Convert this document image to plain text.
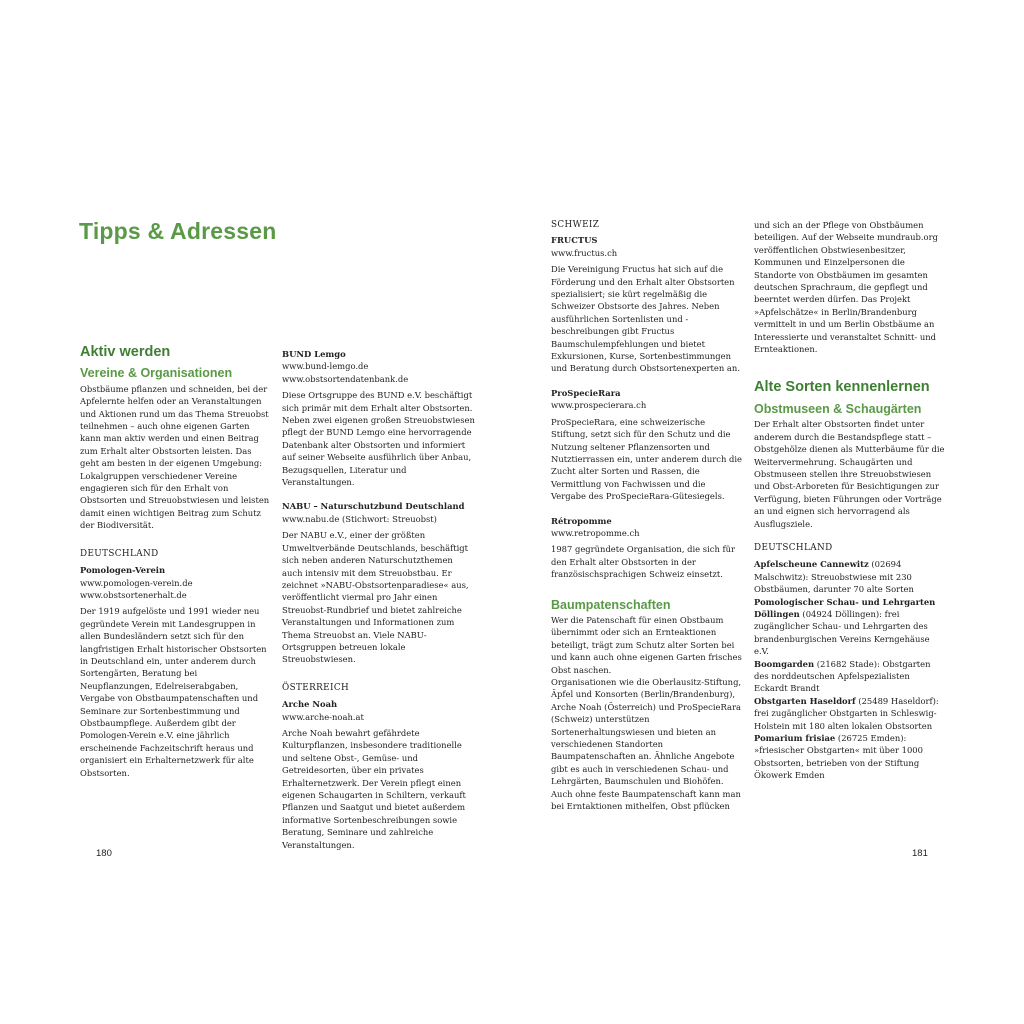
Tipps & Adressen
Aktiv werden
Vereine & Organisationen

Obstbäume pflanzen und schneiden, bei der Apfelernte helfen oder an Veranstaltungen und Aktionen rund um das Thema Streuobst teilnehmen – auch ohne eigenen Garten kann man aktiv werden und einen Beitrag zum Erhalt alter Obstsorten leisten. Das geht am besten in der eigenen Umgebung: Lokalgruppen verschiedener Vereine engagieren sich für den Erhalt von Obstsorten und Streuobstwiesen und leisten damit einen wichtigen Beitrag zum Schutz der Biodiversität.

DEUTSCHLAND
Pomologen-Verein
www.pomologen-verein.de
www.obstsortenerhalt.de

Der 1919 aufgelöste und 1991 wieder neu gegründete Verein mit Landesgruppen in allen Bundesländern setzt sich für den langfristigen Erhalt historischer Obstsorten in Deutschland ein, unter anderem durch Sortengärten, Beratung bei Neupflanzungen, Edelreiserabgaben, Vergabe von Obstbaumpatenschaften und Seminare zur Sortenbestimmung und Obstbaumpflege. Außerdem gibt der Pomologen-Verein e.V. eine jährlich erscheinende Fachzeitschrift heraus und organisiert ein Erhalternetzwerk für alte Obstsorten.

BUND Lemgo
www.bund-lemgo.de
www.obstsortendatenbank.de

Diese Ortsgruppe des BUND e.V. beschäftigt sich primär mit dem Erhalt alter Obstsorten. Neben zwei eigenen großen Streuobstwiesen pflegt der BUND Lemgo eine hervorragende Datenbank alter Obstsorten und informiert auf seiner Webseite ausführlich über Anbau, Bezugsquellen, Literatur und Veranstaltungen.

NABU – Naturschutzbund Deutschland
www.nabu.de (Stichwort: Streuobst)

Der NABU e.V., einer der größten Umweltverbände Deutschlands, beschäftigt sich neben anderen Naturschutzthemen auch intensiv mit dem Streuobstbau. Er zeichnet »NABU-Obstsortenparadiese« aus, veröffentlicht viermal pro Jahr einen Streuobst-Rundbrief und bietet zahlreiche Veranstaltungen und Informationen zum Thema Streuobst an. Viele NABU-Ortsgruppen betreuen lokale Streuobstwiesen.

ÖSTERREICH
Arche Noah
www.arche-noah.at

Arche Noah bewahrt gefährdete Kulturpflanzen, insbesondere traditionelle und seltene Obst-, Gemüse- und Getreidesorten, über ein privates Erhalternetzwerk. Der Verein pflegt einen eigenen Schaugarten in Schiltern, verkauft Pflanzen und Saatgut und bietet außerdem informative Sortenbeschreibungen sowie Beratung, Seminare und zahlreiche Veranstaltungen.

180
SCHWEIZ
FRUCTUS
www.fructus.ch

Die Vereinigung Fructus hat sich auf die Förderung und den Erhalt alter Obstsorten spezialisiert; sie kürt regelmäßig die Schweizer Obstsorte des Jahres. Neben ausführlichen Sortenlisten und -beschreibungen gibt Fructus Baumschulempfehlungen und bietet Exkursionen, Kurse, Sortenbestimmungen und Beratung durch Obstsortenexperten an.

ProSpecieRara
www.prospecierara.ch

ProSpecieRara, eine schweizerische Stiftung, setzt sich für den Schutz und die Nutzung seltener Pflanzensorten und Nutztierrassen ein, unter anderem durch die Zucht alter Sorten und Rassen, die Vermittlung von Fachwissen und die Vergabe des ProSpecieRara-Gütesiegels.

Rétropomme
www.retropomme.ch

1987 gegründete Organisation, die sich für den Erhalt alter Obstsorten in der französischsprachigen Schweiz einsetzt.

Baumpatenschaften

Wer die Patenschaft für einen Obstbaum übernimmt oder sich an Ernteaktionen beteiligt, trägt zum Schutz alter Sorten bei und kann auch ohne eigenen Garten frisches Obst naschen.

Organisationen wie die Oberlausitz-Stiftung, Äpfel und Konsorten (Berlin/Brandenburg), Arche Noah (Österreich) und ProSpecieRara (Schweiz) unterstützen Sortenerhaltungswiesen und bieten an verschiedenen Standorten Baumpatenschaften an. Ähnliche Angebote gibt es auch in verschiedenen Schau- und Lehrgärten, Baumschulen und Biohöfen. Auch ohne feste Baumpatenschaft kann man bei Erntaktionen mithelfen, Obst pflücken

und sich an der Pflege von Obstbäumen beteiligen. Auf der Webseite mundraub.org veröffentlichen Obstwiesenbesitzer, Kommunen und Einzelpersonen die Standorte von Obstbäumen im gesamten deutschen Sprachraum, die gepflegt und beerntet werden dürfen. Das Projekt »Apfelschätze« in Berlin/Brandenburg vermittelt in und um Berlin Obstbäume an Interessierte und veranstaltet Schnitt- und Ernteaktionen.

Alte Sorten kennenlernen
Obstmuseen & Schaugärten

Der Erhalt alter Obstsorten findet unter anderem durch die Bestandspflege statt – Obstgehölze dienen als Mutterbäume für die Weitervermehrung. Schaugärten und Obstmuseen stellen ihre Streuobstwiesen und Obst-Arboreten für Besichtigungen zur Verfügung, bieten Führungen oder Vorträge an und eignen sich hervorragend als Ausflugsziele.

DEUTSCHLAND

Apfelscheune Cannewitz (02694 Malschwitz): Streuobstwiese mit 230 Obstbäumen, darunter 70 alte Sorten

Pomologischer Schau- und Lehrgarten Döllingen (04924 Döllingen): frei zugänglicher Schau- und Lehrgarten des brandenburgischen Vereins Kerngehäuse e.V.

Boomgarden (21682 Stade): Obstgarten des norddeutschen Apfelspezialisten Eckardt Brandt

Obstgarten Haseldorf (25489 Haseldorf): frei zugänglicher Obstgarten in Schleswig-Holstein mit 180 alten lokalen Obstsorten

Pomarium frisiae (26725 Emden): »friesischer Obstgarten« mit über 1000 Obstsorten, betrieben von der Stiftung Ökowerk Emden

181
